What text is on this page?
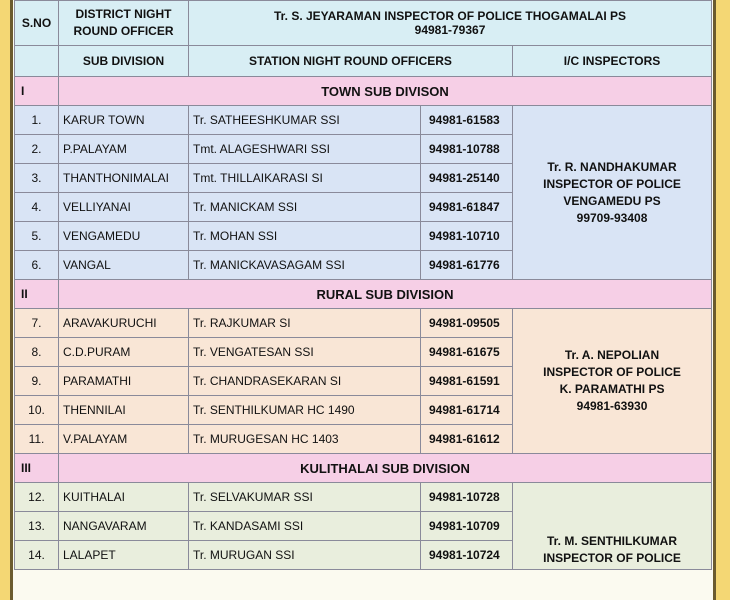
S.NO	DISTRICT NIGHT ROUND OFFICER	Tr. S. JEYARAMAN INSPECTOR OF POLICE THOGAMALAI PS
94981-79367		

	SUB DIVISION	STATION NIGHT ROUND OFFICERS		I/C INSPECTORS
I	TOWN SUB DIVISON			
1.	KARUR TOWN	Tr. SATHEESHKUMAR SSI	94981-61583	Tr. R. NANDHAKUMAR
INSPECTOR OF POLICE
VENGAMEDU PS
99709-93408

2.	P.PALAYAM	Tmt. ALAGESHWARI SSI	94981-10788	
3.	THANTHONIMALAI	Tmt. THILLAIKARASI SI	94981-25140	
4.	VELLIYANAI	Tr. MANICKAM SSI	94981-61847	
5.	VENGAMEDU	Tr. MOHAN SSI	94981-10710	
6.	VANGAL	Tr. MANICKAVASAGAM SSI	94981-61776	
II	RURAL SUB DIVISION			
7.	ARAVAKURUCHI	Tr. RAJKUMAR SI	94981-09505	Tr. A. NEPOLIAN
INSPECTOR OF POLICE
K. PARAMATHI PS
94981-63930

8.	C.D.PURAM	Tr. VENGATESAN SSI	94981-61675	
9.	PARAMATHI	Tr. CHANDRASEKARAN SI	94981-61591	
10.	THENNILAI	Tr. SENTHILKUMAR HC 1490	94981-61714	
11.	V.PALAYAM	Tr. MURUGESAN HC 1403	94981-61612	
III	KULITHALAI SUB DIVISION			
12.	KUITHALAI	Tr. SELVAKUMAR SSI	94981-10728	Tr. M. SENTHILKUMAR
INSPECTOR OF POLICE

13.	NANGAVARAM	Tr. KANDASAMI SSI	94981-10709	
14.	LALAPET	Tr. MURUGAN SSI	94981-10724	
